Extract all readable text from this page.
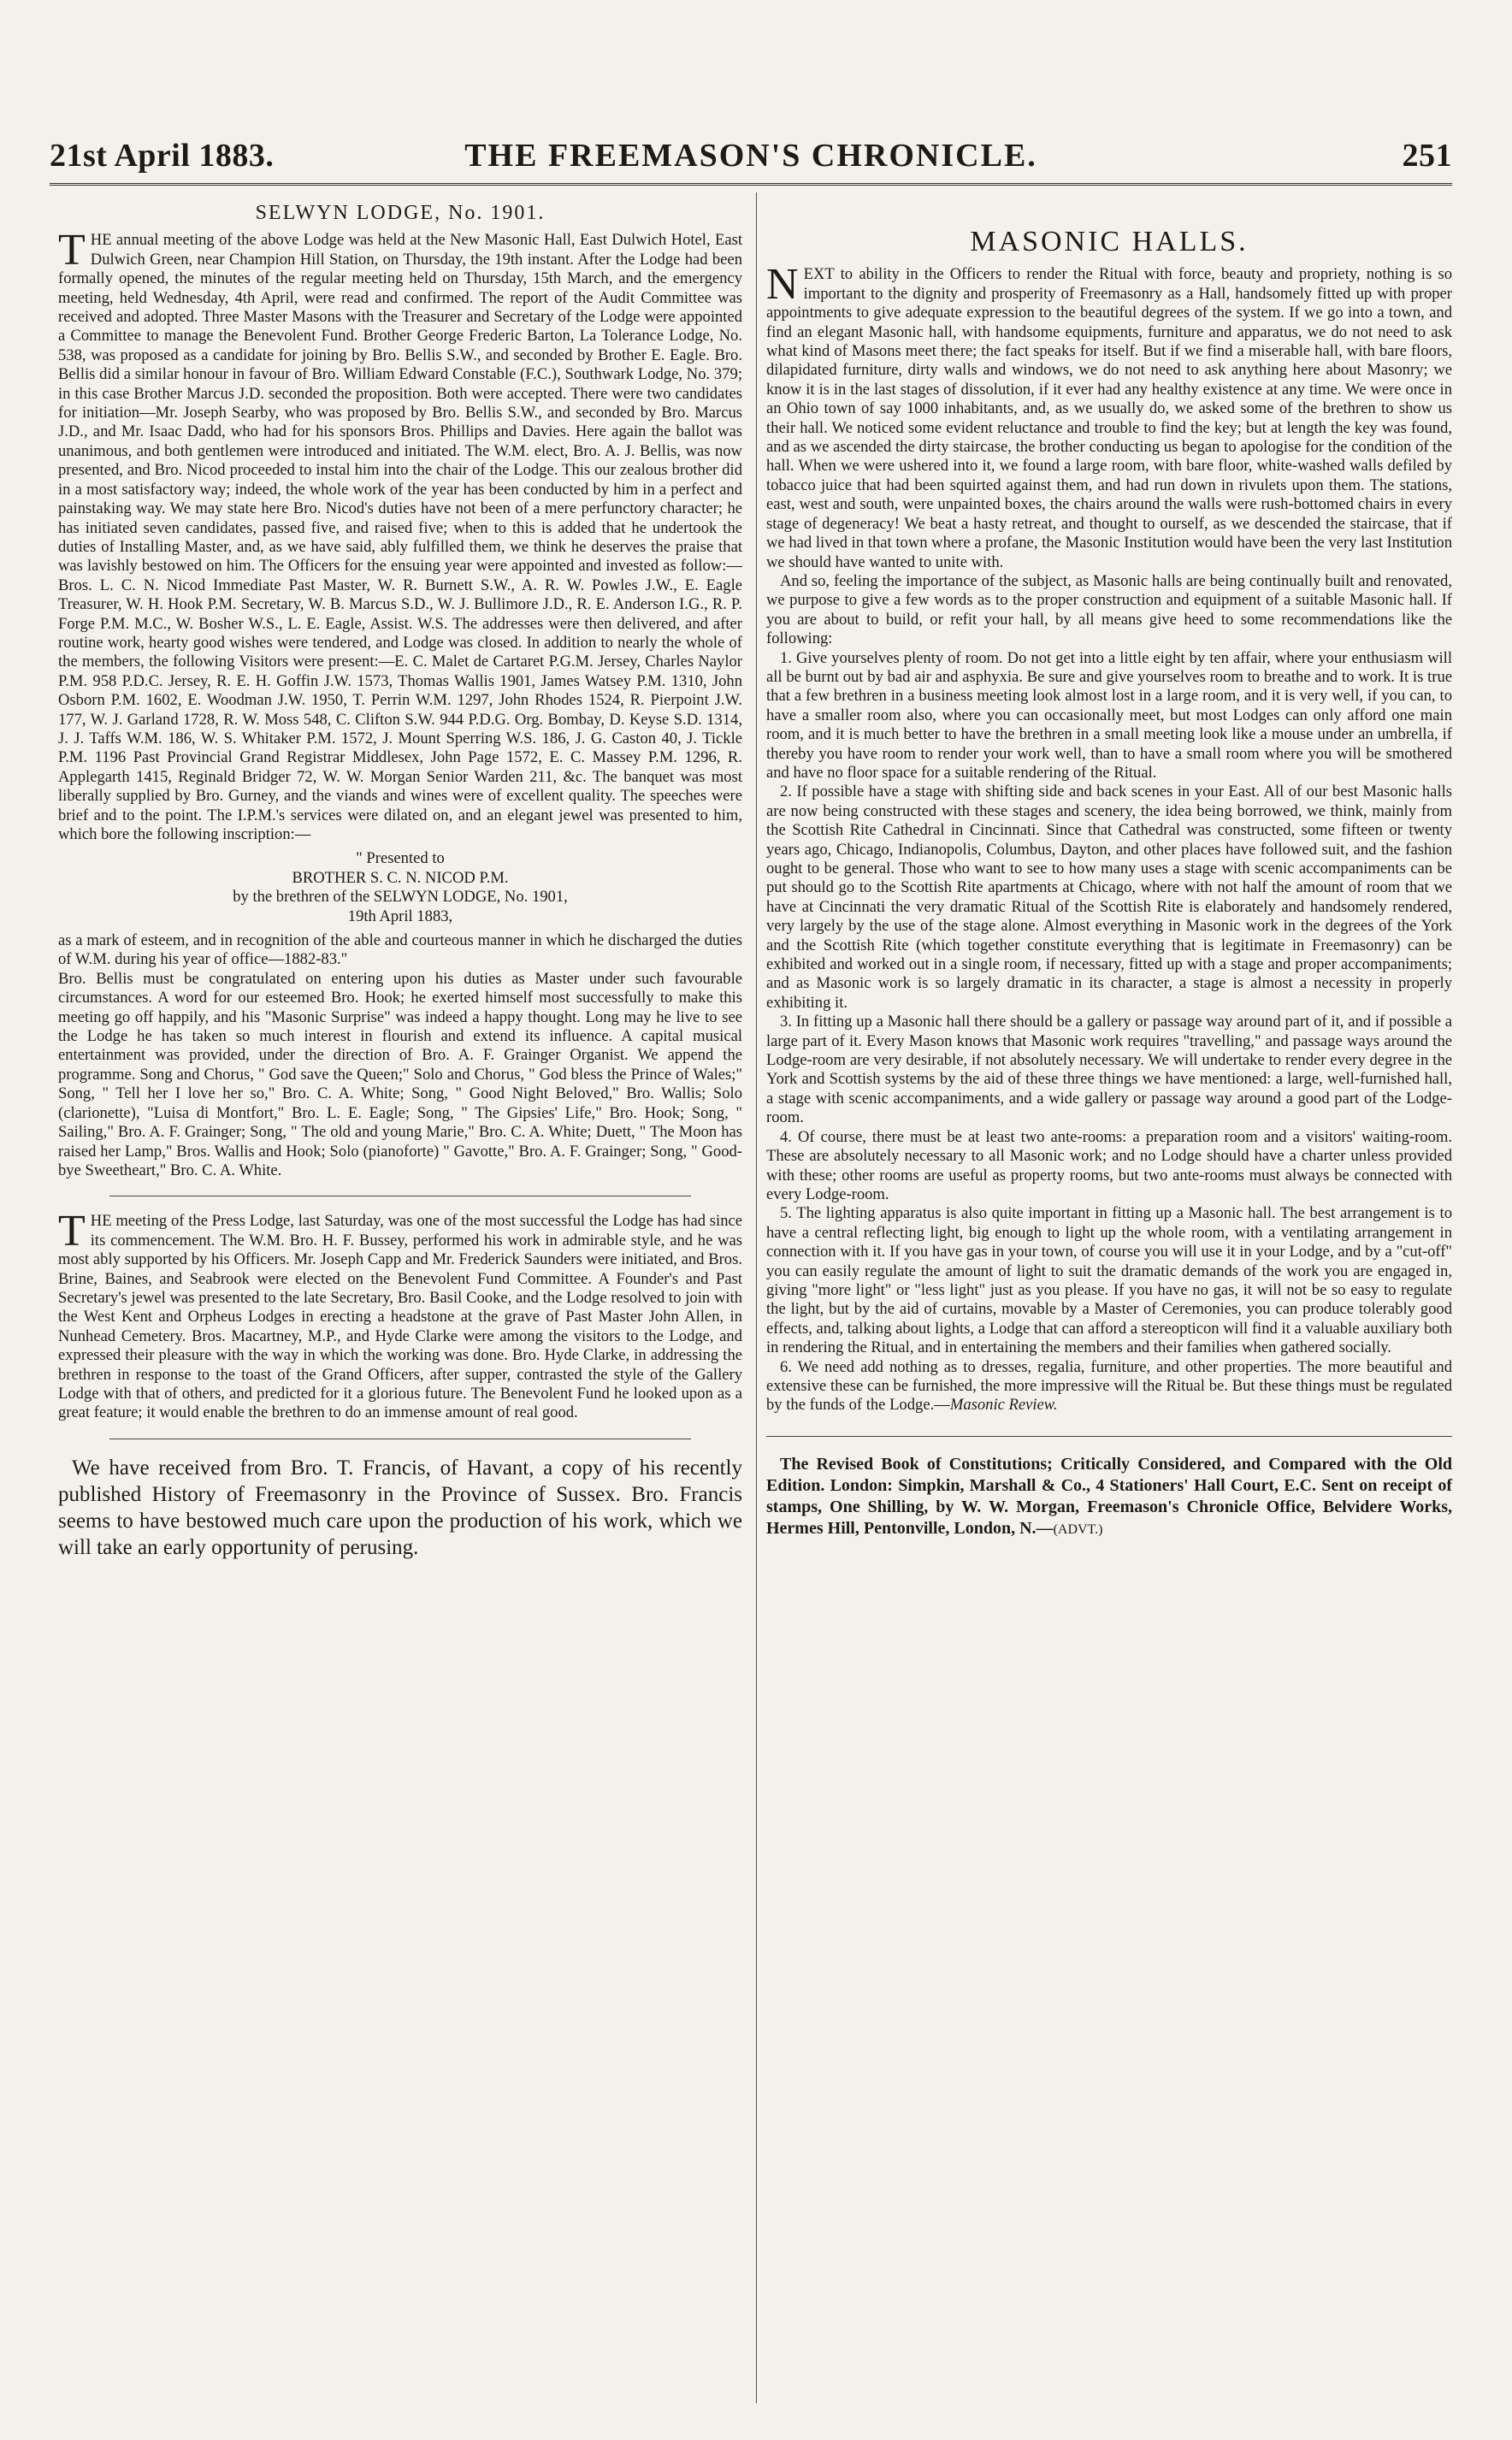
21st April 1883.	THE FREEMASON'S CHRONICLE.	251
SELWYN LODGE, No. 1901.

THE annual meeting of the above Lodge was held at the New Masonic Hall, East Dulwich Hotel, East Dulwich Green, near Champion Hill Station, on Thursday, the 19th instant. After the Lodge had been formally opened, the minutes of the regular meeting held on Thursday, 15th March, and the emergency meeting, held Wednesday, 4th April, were read and confirmed. The report of the Audit Committee was received and adopted. Three Master Masons with the Treasurer and Secretary of the Lodge were appointed a Committee to manage the Benevolent Fund. Brother George Frederic Barton, La Tolerance Lodge, No. 538, was proposed as a candidate for joining by Bro. Bellis S.W., and seconded by Brother E. Eagle. Bro. Bellis did a similar honour in favour of Bro. William Edward Constable (F.C.), Southwark Lodge, No. 379; in this case Brother Marcus J.D. seconded the proposition. Both were accepted. There were two candidates for initiation—Mr. Joseph Searby, who was proposed by Bro. Bellis S.W., and seconded by Bro. Marcus J.D., and Mr. Isaac Dadd, who had for his sponsors Bros. Phillips and Davies. Here again the ballot was unanimous, and both gentlemen were introduced and initiated. The W.M. elect, Bro. A. J. Bellis, was now presented, and Bro. Nicod proceeded to instal him into the chair of the Lodge. This our zealous brother did in a most satisfactory way; indeed, the whole work of the year has been conducted by him in a perfect and painstaking way. We may state here Bro. Nicod's duties have not been of a mere perfunctory character; he has initiated seven candidates, passed five, and raised five; when to this is added that he undertook the duties of Installing Master, and, as we have said, ably fulfilled them, we think he deserves the praise that was lavishly bestowed on him. The Officers for the ensuing year were appointed and invested as follow:— Bros. L. C. N. Nicod Immediate Past Master, W. R. Burnett S.W., A. R. W. Powles J.W., E. Eagle Treasurer, W. H. Hook P.M. Secretary, W. B. Marcus S.D., W. J. Bullimore J.D., R. E. Anderson I.G., R. P. Forge P.M. M.C., W. Bosher W.S., L. E. Eagle, Assist. W.S. The addresses were then delivered, and after routine work, hearty good wishes were tendered, and Lodge was closed. In addition to nearly the whole of the members, the following Visitors were present:—E. C. Malet de Cartaret P.G.M. Jersey, Charles Naylor P.M. 958 P.D.C. Jersey, R. E. H. Goffin J.W. 1573, Thomas Wallis 1901, James Watsey P.M. 1310, John Osborn P.M. 1602, E. Woodman J.W. 1950, T. Perrin W.M. 1297, John Rhodes 1524, R. Pierpoint J.W. 177, W. J. Garland 1728, R. W. Moss 548, C. Clifton S.W. 944 P.D.G. Org. Bombay, D. Keyse S.D. 1314, J. J. Taffs W.M. 186, W. S. Whitaker P.M. 1572, J. Mount Sperring W.S. 186, J. G. Caston 40, J. Tickle P.M. 1196 Past Provincial Grand Registrar Middlesex, John Page 1572, E. C. Massey P.M. 1296, R. Applegarth 1415, Reginald Bridger 72, W. W. Morgan Senior Warden 211, &c. The banquet was most liberally supplied by Bro. Gurney, and the viands and wines were of excellent quality. The speeches were brief and to the point. The I.P.M.'s services were dilated on, and an elegant jewel was presented to him, which bore the following inscription:—

" Presented to
BROTHER S. C. N. NICOD P.M.
by the brethren of the SELWYN LODGE, No. 1901,
19th April 1883,

as a mark of esteem, and in recognition of the able and courteous manner in which he discharged the duties of W.M. during his year of office—1882-83."

Bro. Bellis must be congratulated on entering upon his duties as Master under such favourable circumstances. A word for our esteemed Bro. Hook; he exerted himself most successfully to make this meeting go off happily, and his "Masonic Surprise" was indeed a happy thought. Long may he live to see the Lodge he has taken so much interest in flourish and extend its influence. A capital musical entertainment was provided, under the direction of Bro. A. F. Grainger Organist. We append the programme. Song and Chorus, " God save the Queen;" Solo and Chorus, " God bless the Prince of Wales;" Song, " Tell her I love her so," Bro. C. A. White; Song, " Good Night Beloved," Bro. Wallis; Solo (clarionette), "Luisa di Montfort," Bro. L. E. Eagle; Song, " The Gipsies' Life," Bro. Hook; Song, " Sailing," Bro. A. F. Grainger; Song, " The old and young Marie," Bro. C. A. White; Duett, " The Moon has raised her Lamp," Bros. Wallis and Hook; Solo (pianoforte) " Gavotte," Bro. A. F. Grainger; Song, " Good-bye Sweetheart," Bro. C. A. White.

THE meeting of the Press Lodge, last Saturday, was one of the most successful the Lodge has had since its commencement. The W.M. Bro. H. F. Bussey, performed his work in admirable style, and he was most ably supported by his Officers. Mr. Joseph Capp and Mr. Frederick Saunders were initiated, and Bros. Brine, Baines, and Seabrook were elected on the Benevolent Fund Committee. A Founder's and Past Secretary's jewel was presented to the late Secretary, Bro. Basil Cooke, and the Lodge resolved to join with the West Kent and Orpheus Lodges in erecting a headstone at the grave of Past Master John Allen, in Nunhead Cemetery. Bros. Macartney, M.P., and Hyde Clarke were among the visitors to the Lodge, and expressed their pleasure with the way in which the working was done. Bro. Hyde Clarke, in addressing the brethren in response to the toast of the Grand Officers, after supper, contrasted the style of the Gallery Lodge with that of others, and predicted for it a glorious future. The Benevolent Fund he looked upon as a great feature; it would enable the brethren to do an immense amount of real good.

We have received from Bro. T. Francis, of Havant, a copy of his recently published History of Freemasonry in the Province of Sussex. Bro. Francis seems to have bestowed much care upon the production of his work, which we will take an early opportunity of perusing.

MASONIC HALLS.

NEXT to ability in the Officers to render the Ritual with force, beauty and propriety, nothing is so important to the dignity and prosperity of Freemasonry as a Hall, handsomely fitted up with proper appointments to give adequate expression to the beautiful degrees of the system. If we go into a town, and find an elegant Masonic hall, with handsome equipments, furniture and apparatus, we do not need to ask what kind of Masons meet there; the fact speaks for itself. But if we find a miserable hall, with bare floors, dilapidated furniture, dirty walls and windows, we do not need to ask anything here about Masonry; we know it is in the last stages of dissolution, if it ever had any healthy existence at any time. We were once in an Ohio town of say 1000 inhabitants, and, as we usually do, we asked some of the brethren to show us their hall. We noticed some evident reluctance and trouble to find the key; but at length the key was found, and as we ascended the dirty staircase, the brother conducting us began to apologise for the condition of the hall. When we were ushered into it, we found a large room, with bare floor, white-washed walls defiled by tobacco juice that had been squirted against them, and had run down in rivulets upon them. The stations, east, west and south, were unpainted boxes, the chairs around the walls were rush-bottomed chairs in every stage of degeneracy! We beat a hasty retreat, and thought to ourself, as we descended the staircase, that if we had lived in that town where a profane, the Masonic Institution would have been the very last Institution we should have wanted to unite with.

And so, feeling the importance of the subject, as Masonic halls are being continually built and renovated, we purpose to give a few words as to the proper construction and equipment of a suitable Masonic hall. If you are about to build, or refit your hall, by all means give heed to some recommendations like the following:

1. Give yourselves plenty of room. Do not get into a little eight by ten affair, where your enthusiasm will all be burnt out by bad air and asphyxia. Be sure and give yourselves room to breathe and to work. It is true that a few brethren in a business meeting look almost lost in a large room, and it is very well, if you can, to have a smaller room also, where you can occasionally meet, but most Lodges can only afford one main room, and it is much better to have the brethren in a small meeting look like a mouse under an umbrella, if thereby you have room to render your work well, than to have a small room where you will be smothered and have no floor space for a suitable rendering of the Ritual.

2. If possible have a stage with shifting side and back scenes in your East. All of our best Masonic halls are now being constructed with these stages and scenery, the idea being borrowed, we think, mainly from the Scottish Rite Cathedral in Cincinnati. Since that Cathedral was constructed, some fifteen or twenty years ago, Chicago, Indianopolis, Columbus, Dayton, and other places have followed suit, and the fashion ought to be general. Those who want to see to how many uses a stage with scenic accompaniments can be put should go to the Scottish Rite apartments at Chicago, where with not half the amount of room that we have at Cincinnati the very dramatic Ritual of the Scottish Rite is elaborately and handsomely rendered, very largely by the use of the stage alone. Almost everything in Masonic work in the degrees of the York and the Scottish Rite (which together constitute everything that is legitimate in Freemasonry) can be exhibited and worked out in a single room, if necessary, fitted up with a stage and proper accompaniments; and as Masonic work is so largely dramatic in its character, a stage is almost a necessity in properly exhibiting it.

3. In fitting up a Masonic hall there should be a gallery or passage way around part of it, and if possible a large part of it. Every Mason knows that Masonic work requires "travelling," and passage ways around the Lodge-room are very desirable, if not absolutely necessary. We will undertake to render every degree in the York and Scottish systems by the aid of these three things we have mentioned: a large, well-furnished hall, a stage with scenic accompaniments, and a wide gallery or passage way around a good part of the Lodge-room.

4. Of course, there must be at least two ante-rooms: a preparation room and a visitors' waiting-room. These are absolutely necessary to all Masonic work; and no Lodge should have a charter unless provided with these; other rooms are useful as property rooms, but two ante-rooms must always be connected with every Lodge-room.

5. The lighting apparatus is also quite important in fitting up a Masonic hall. The best arrangement is to have a central reflecting light, big enough to light up the whole room, with a ventilating arrangement in connection with it. If you have gas in your town, of course you will use it in your Lodge, and by a "cut-off" you can easily regulate the amount of light to suit the dramatic demands of the work you are engaged in, giving "more light" or "less light" just as you please. If you have no gas, it will not be so easy to regulate the light, but by the aid of curtains, movable by a Master of Ceremonies, you can produce tolerably good effects, and, talking about lights, a Lodge that can afford a stereopticon will find it a valuable auxiliary both in rendering the Ritual, and in entertaining the members and their families when gathered socially.

6. We need add nothing as to dresses, regalia, furniture, and other properties. The more beautiful and extensive these can be furnished, the more impressive will the Ritual be. But these things must be regulated by the funds of the Lodge.—Masonic Review.

The Revised Book of Constitutions; Critically Considered, and Compared with the Old Edition. London: Simpkin, Marshall & Co., 4 Stationers' Hall Court, E.C. Sent on receipt of stamps, One Shilling, by W. W. Morgan, Freemason's Chronicle Office, Belvidere Works, Hermes Hill, Pentonville, London, N.—(ADVT.)
